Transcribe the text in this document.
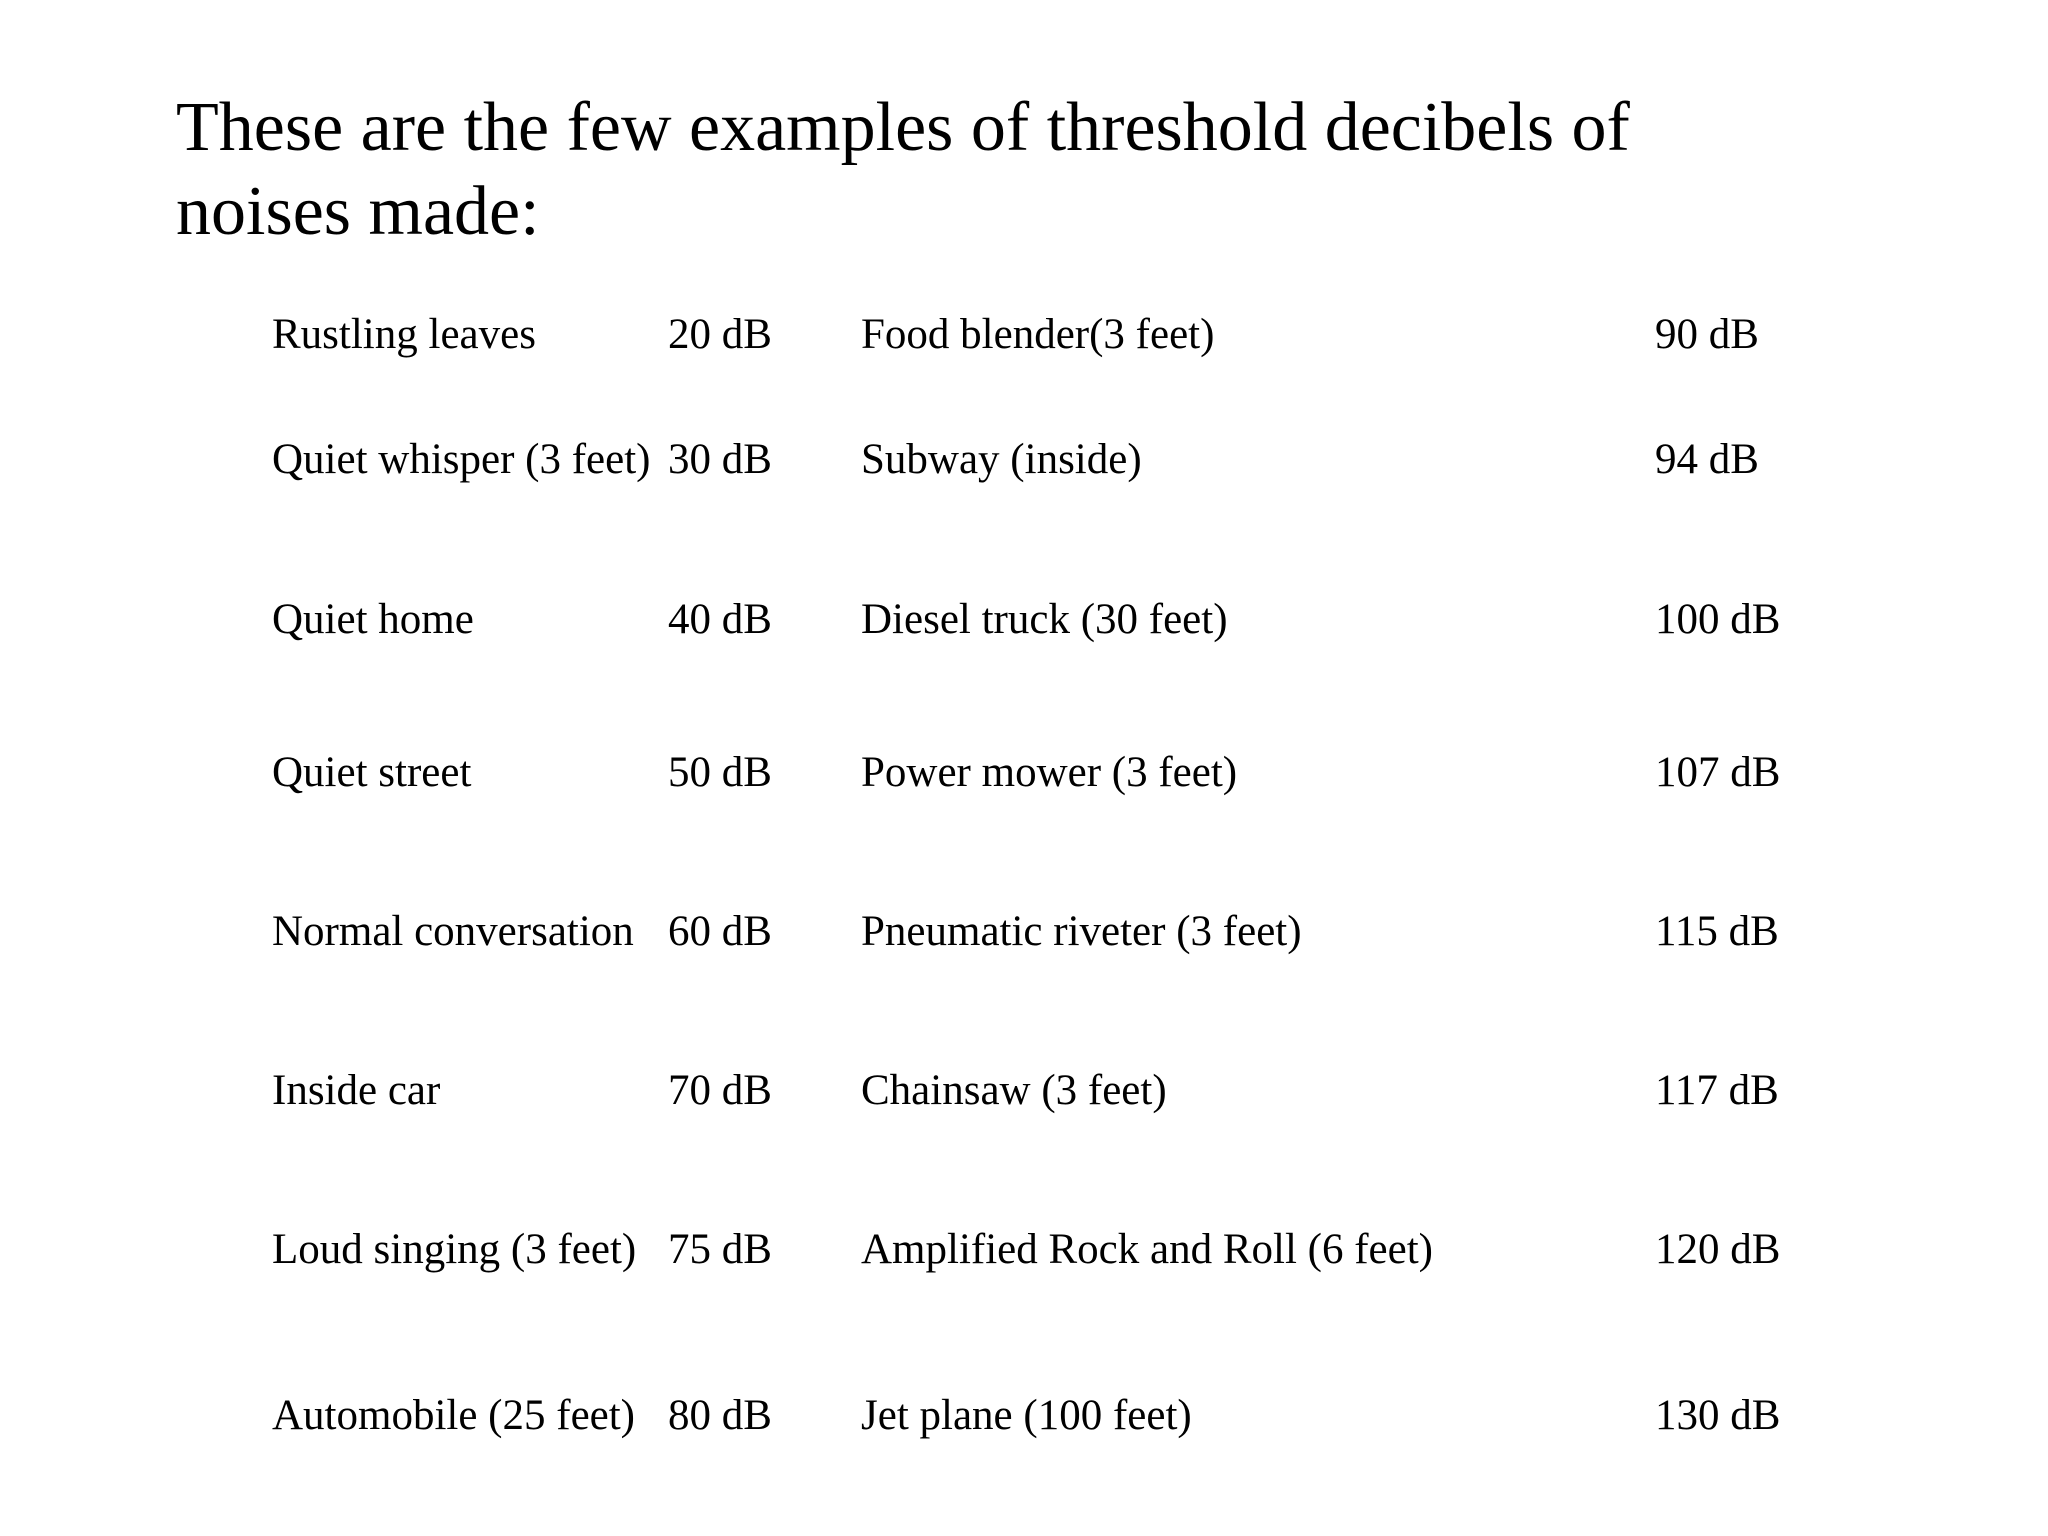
These are the few examples of threshold decibels of noises made:
Rustling leaves	20 dB	Food blender(3 feet)	90 dB
Quiet whisper (3 feet)	30 dB	Subway (inside)	94 dB
Quiet home	40 dB	Diesel truck (30 feet)	100 dB
Quiet street	50 dB	Power mower (3 feet)	107 dB
Normal conversation	60 dB	Pneumatic riveter (3 feet)	115 dB
Inside car	70 dB	Chainsaw (3 feet)	117 dB
Loud singing (3 feet)	75 dB	Amplified Rock and Roll (6 feet)	120 dB
Automobile (25 feet)	80 dB	Jet plane (100 feet)	130 dB
